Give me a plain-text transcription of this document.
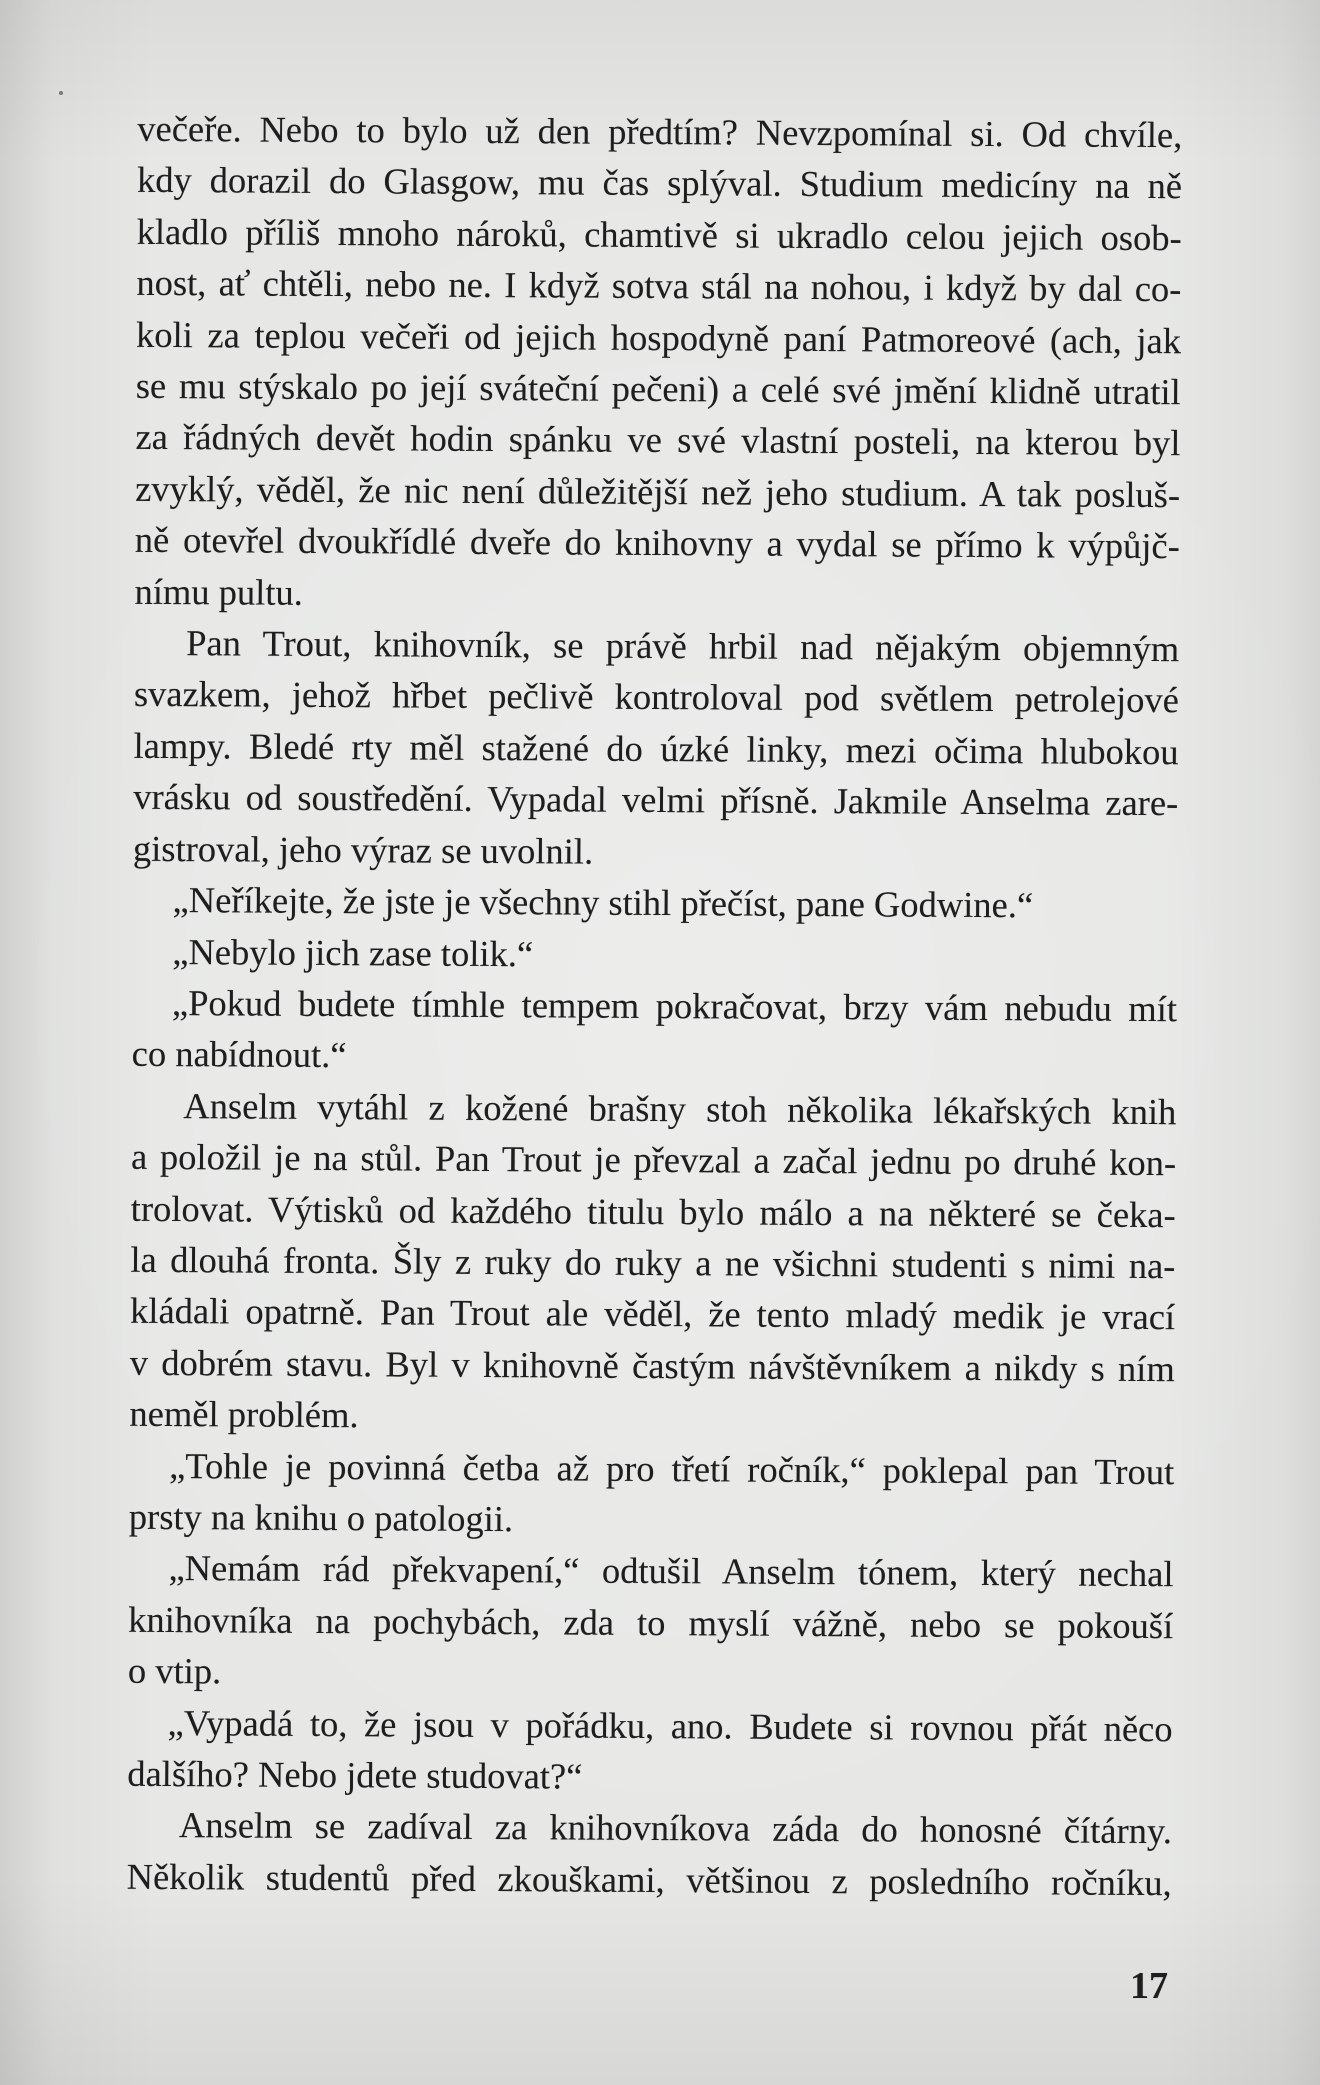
večeře. Nebo to bylo už den předtím? Nevzpomínal si. Od chvíle,
kdy dorazil do Glasgow, mu čas splýval. Studium medicíny na ně
kladlo příliš mnoho nároků, chamtivě si ukradlo celou jejich osob-
nost, ať chtěli, nebo ne. I když sotva stál na nohou, i když by dal co-
koli za teplou večeři od jejich hospodyně paní Patmoreové (ach, jak
se mu stýskalo po její sváteční pečeni) a celé své jmění klidně utratil
za řádných devět hodin spánku ve své vlastní posteli, na kterou byl
zvyklý, věděl, že nic není důležitější než jeho studium. A tak posluš-
ně otevřel dvoukřídlé dveře do knihovny a vydal se přímo k výpůjč-
nímu pultu.
Pan Trout, knihovník, se právě hrbil nad nějakým objemným
svazkem, jehož hřbet pečlivě kontroloval pod světlem petrolejové
lampy. Bledé rty měl stažené do úzké linky, mezi očima hlubokou
vrásku od soustředění. Vypadal velmi přísně. Jakmile Anselma zare-
gistroval, jeho výraz se uvolnil.
„Neříkejte, že jste je všechny stihl přečíst, pane Godwine.“
„Nebylo jich zase tolik.“
„Pokud budete tímhle tempem pokračovat, brzy vám nebudu mít
co nabídnout.“
Anselm vytáhl z kožené brašny stoh několika lékařských knih
a položil je na stůl. Pan Trout je převzal a začal jednu po druhé kon-
trolovat. Výtisků od každého titulu bylo málo a na některé se čeka-
la dlouhá fronta. Šly z ruky do ruky a ne všichni studenti s nimi na-
kládali opatrně. Pan Trout ale věděl, že tento mladý medik je vrací
v dobrém stavu. Byl v knihovně častým návštěvníkem a nikdy s ním
neměl problém.
„Tohle je povinná četba až pro třetí ročník,“ poklepal pan Trout
prsty na knihu o patologii.
„Nemám rád překvapení,“ odtušil Anselm tónem, který nechal
knihovníka na pochybách, zda to myslí vážně, nebo se pokouší
o vtip.
„Vypadá to, že jsou v pořádku, ano. Budete si rovnou přát něco
dalšího? Nebo jdete studovat?“
Anselm se zadíval za knihovníkova záda do honosné čítárny.
Několik studentů před zkouškami, většinou z posledního ročníku,
17
